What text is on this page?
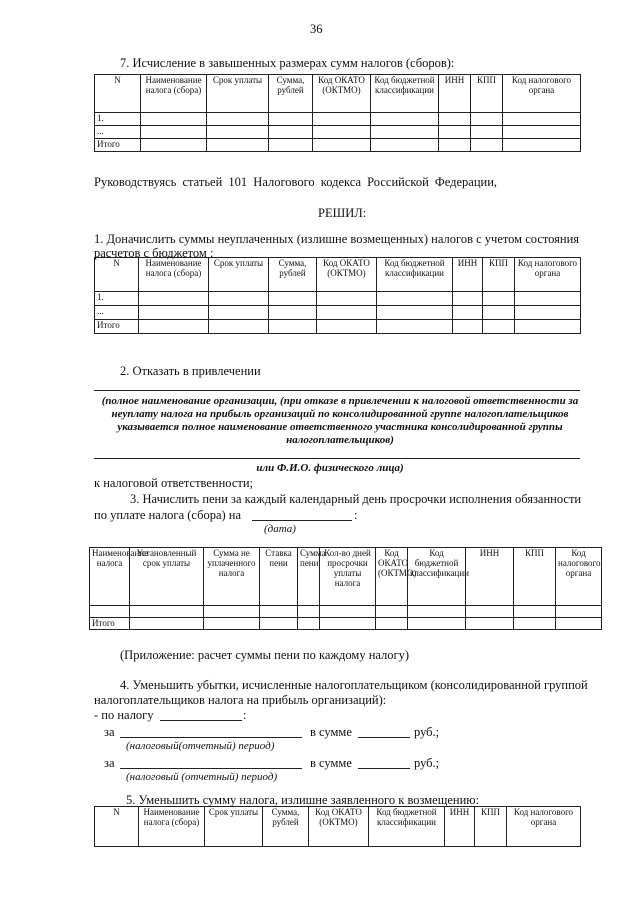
36
7. Исчисление в завышенных размерах сумм налогов (сборов):
N	Наименование налога (сбора)	Срок уплаты	Сумма, рублей	Код ОКАТО (ОКТМО)	Код бюджетной классификации	ИНН	КПП	Код налогового органа
1.								
...								
Итого								
Руководствуясь статьей 101 Налогового кодекса Российской Федерации,
РЕШИЛ:
1. Доначислить суммы неуплаченных (излишне возмещенных) налогов с учетом состояния расчетов с бюджетом :
N	Наименование налога (сбора)	Срок уплаты	Сумма, рублей	Код ОКАТО (ОКТМО)	Код бюджетной классификации	ИНН	КПП	Код налогового органа
1.								
...								
Итого								
2. Отказать в привлечении
(полное наименование организации, (при отказе в привлечении к налоговой ответственности за неуплату налога на прибыль организаций по консолидированной группе налогоплательщиков указывается полное наименование ответственного участника консолидированной группы налогоплательщиков)
или Ф.И.О. физического лица)
к налоговой ответственности;
3. Начислить пени за каждый календарный день просрочки исполнения обязанности
по уплате налога (сбора) на	:
(дата)
Наименование налога	Установленный срок уплаты	Сумма не уплаченного налога	Ставка пени	Сумма пени	Кол-во дней просрочки уплаты налога	Код ОКАТО (ОКТМО)	Код бюджетной классификации	ИНН	КПП	Код налогового органа

Итого										
(Приложение: расчет суммы пени по каждому налогу)
4. Уменьшить убытки, исчисленные налогоплательщиком (консолидированной группой
налогоплательщиков налога на прибыль организаций):
- по налогу	:
за	в сумме	руб.;
(налоговый(отчетный) период)
за	в сумме	руб.;
(налоговый (отчетный) период)
5. Уменьшить сумму налога, излишне заявленного к возмещению:
N	Наименование налога (сбора)	Срок уплаты	Сумма, рублей	Код ОКАТО (ОКТМО)	Код бюджетной классификации	ИНН	КПП	Код налогового органа
